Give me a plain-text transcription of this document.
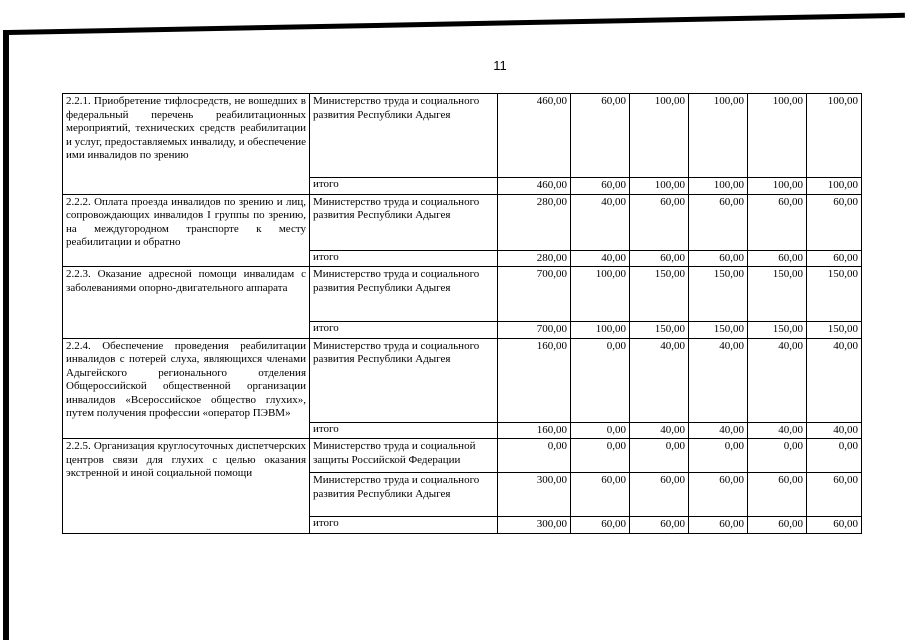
11
2.2.1. Приобретение тифлосредств, не вошедших в федеральный перечень реабилитационных мероприятий, технических средств реабилитации и услуг, предоставляемых инвалиду, и обеспечение ими инвалидов по зрению	Министерство труда и социального развития Республики Адыгея	460,00	60,00	100,00	100,00	100,00	100,00
	итого	460,00	60,00	100,00	100,00	100,00	100,00
2.2.2. Оплата проезда инвалидов по зрению и лиц, сопровождающих инвалидов I группы по зрению, на междугородном транспорте к месту реабилитации и обратно	Министерство труда и социального развития Республики Адыгея	280,00	40,00	60,00	60,00	60,00	60,00
	итого	280,00	40,00	60,00	60,00	60,00	60,00
2.2.3. Оказание адресной помощи инвалидам с заболеваниями опорно-двигательного аппарата	Министерство труда и социального развития Республики Адыгея	700,00	100,00	150,00	150,00	150,00	150,00
	итого	700,00	100,00	150,00	150,00	150,00	150,00
2.2.4. Обеспечение проведения реабилитации инвалидов с потерей слуха, являющихся членами Адыгейского регионального отделения Общероссийской общественной организации инвалидов «Всероссийское общество глухих», путем получения профессии «оператор ПЭВМ»	Министерство труда и социального развития Республики Адыгея	160,00	0,00	40,00	40,00	40,00	40,00
	итого	160,00	0,00	40,00	40,00	40,00	40,00
2.2.5. Организация круглосуточных диспетчерских центров связи для глухих с целью оказания экстренной и иной социальной помощи	Министерство труда и социальной защиты Российской Федерации	0,00	0,00	0,00	0,00	0,00	0,00
	Министерство труда и социального развития Республики Адыгея	300,00	60,00	60,00	60,00	60,00	60,00
	итого	300,00	60,00	60,00	60,00	60,00	60,00
